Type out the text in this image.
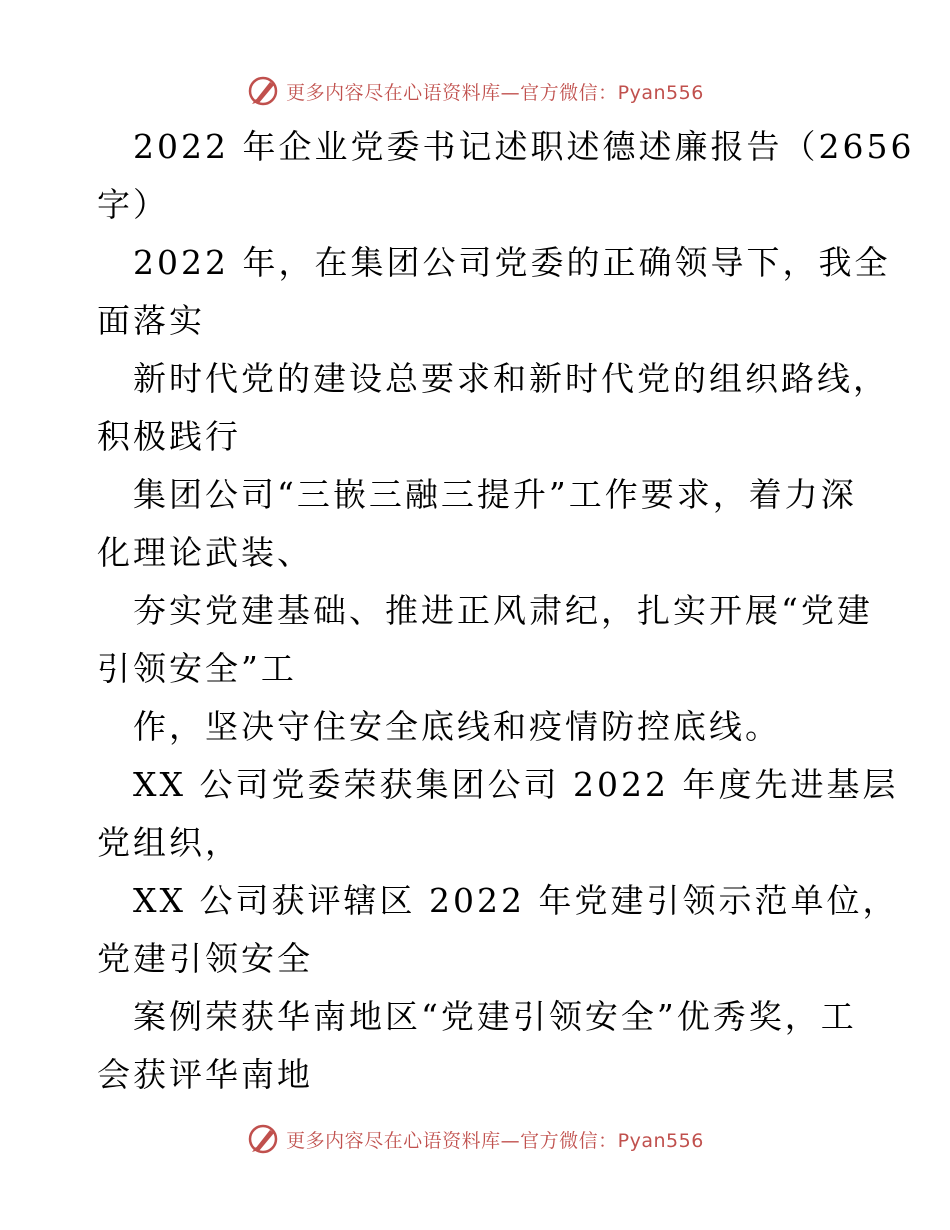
更多内容尽在心语资料库—官方微信：Pyan556
2022 年企业党委书记述职述德述廉报告（2656
字）
2022 年，在集团公司党委的正确领导下，我全
面落实
新时代党的建设总要求和新时代党的组织路线，
积极践行
集团公司“三嵌三融三提升”工作要求，着力深
化理论武装、
夯实党建基础、推进正风肃纪，扎实开展“党建
引领安全”工
作，坚决守住安全底线和疫情防控底线。
XX 公司党委荣获集团公司 2022 年度先进基层
党组织，
XX 公司获评辖区 2022 年党建引领示范单位，
党建引领安全
案例荣获华南地区“党建引领安全”优秀奖，工
会获评华南地
更多内容尽在心语资料库—官方微信：Pyan556
